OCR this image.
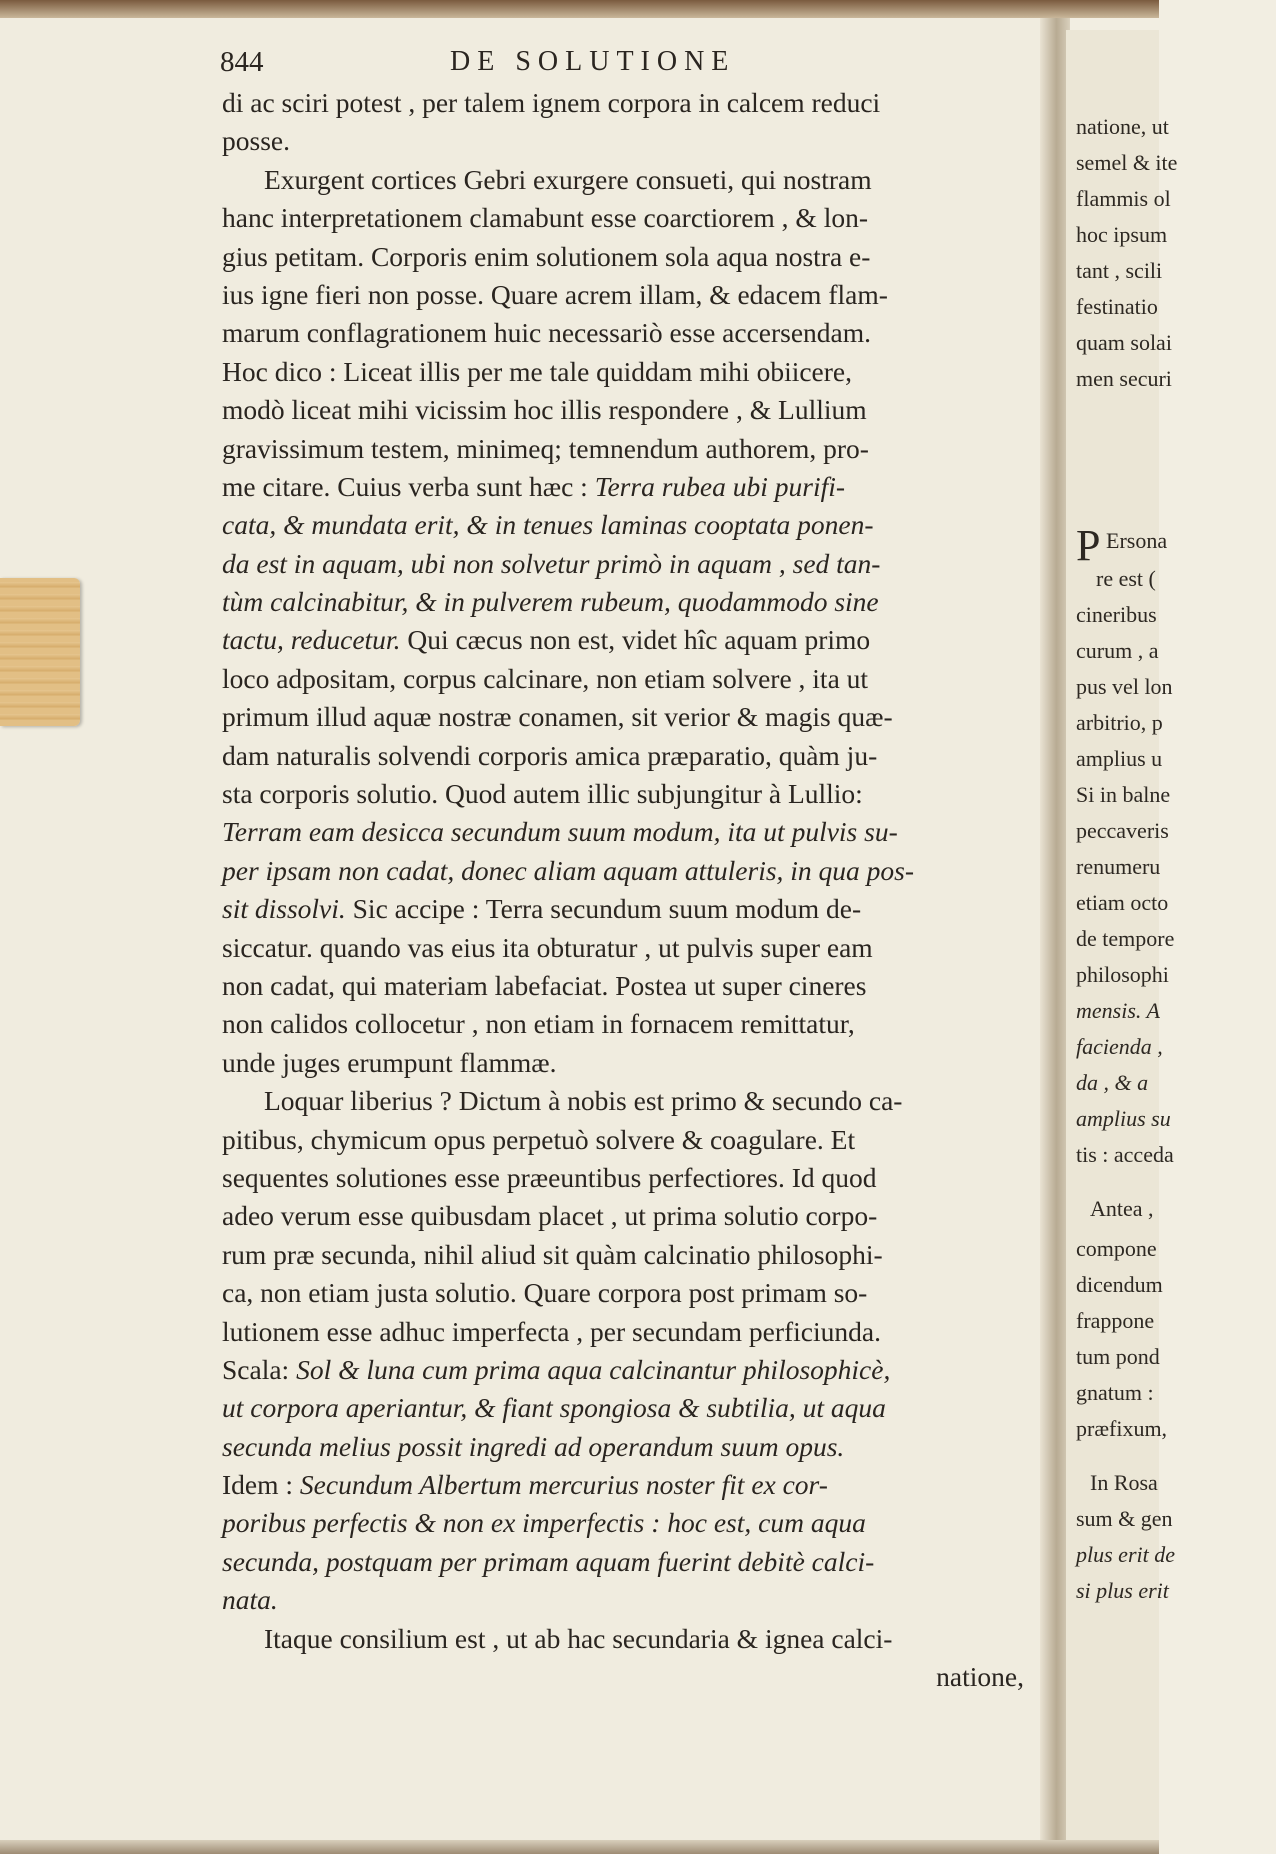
natione, ut
semel & ite
flammis ol
hoc ipsum
tant , scili
festinatio
quam solai
men securi
P Ersona
re est (
cineribus
curum , a
pus vel lon
arbitrio, p
amplius u
Si in balne
peccaveris
renumeru
etiam octo
de tempore
philosophi
mensis. A
facienda ,
da , & a
amplius su
tis : acceda
Antea ,
compone
dicendum
frappone
tum pond
gnatum :
præfixum,
In Rosa
sum & gen
plus erit de
si plus erit
844	DE SOLUTIONE
di ac sciri potest , per talem ignem corpora in calcem reduci
posse.
Exurgent cortices Gebri exurgere consueti, qui nostram
hanc interpretationem clamabunt esse coarctiorem , & lon-
gius petitam. Corporis enim solutionem sola aqua nostra e-
ius igne fieri non posse. Quare acrem illam, & edacem flam-
marum conflagrationem huic necessariò esse accersendam.
Hoc dico : Liceat illis per me tale quiddam mihi obiicere,
modò liceat mihi vicissim hoc illis respondere , & Lullium
gravissimum testem, minimeq; temnendum authorem, pro-
me citare. Cuius verba sunt hæc : Terra rubea ubi purifi-
cata, & mundata erit, & in tenues laminas cooptata ponen-
da est in aquam, ubi non solvetur primò in aquam , sed tan-
tùm calcinabitur, & in pulverem rubeum, quodammodo sine
tactu, reducetur. Qui cæcus non est, videt hîc aquam primo
loco adpositam, corpus calcinare, non etiam solvere , ita ut
primum illud aquæ nostræ conamen, sit verior & magis quæ-
dam naturalis solvendi corporis amica præparatio, quàm ju-
sta corporis solutio. Quod autem illic subjungitur à Lullio:
Terram eam desicca secundum suum modum, ita ut pulvis su-
per ipsam non cadat, donec aliam aquam attuleris, in qua pos-
sit dissolvi. Sic accipe : Terra secundum suum modum de-
siccatur. quando vas eius ita obturatur , ut pulvis super eam
non cadat, qui materiam labefaciat. Postea ut super cineres
non calidos collocetur , non etiam in fornacem remittatur,
unde juges erumpunt flammæ.
Loquar liberius ? Dictum à nobis est primo & secundo ca-
pitibus, chymicum opus perpetuò solvere & coagulare. Et
sequentes solutiones esse præeuntibus perfectiores. Id quod
adeo verum esse quibusdam placet , ut prima solutio corpo-
rum præ secunda, nihil aliud sit quàm calcinatio philosophi-
ca, non etiam justa solutio. Quare corpora post primam so-
lutionem esse adhuc imperfecta , per secundam perficiunda.
Scala: Sol & luna cum prima aqua calcinantur philosophicè,
ut corpora aperiantur, & fiant spongiosa & subtilia, ut aqua
secunda melius possit ingredi ad operandum suum opus.
Idem : Secundum Albertum mercurius noster fit ex cor-
poribus perfectis & non ex imperfectis : hoc est, cum aqua
secunda, postquam per primam aquam fuerint debitè calci-
nata.
Itaque consilium est , ut ab hac secundaria & ignea calci-
natione,
